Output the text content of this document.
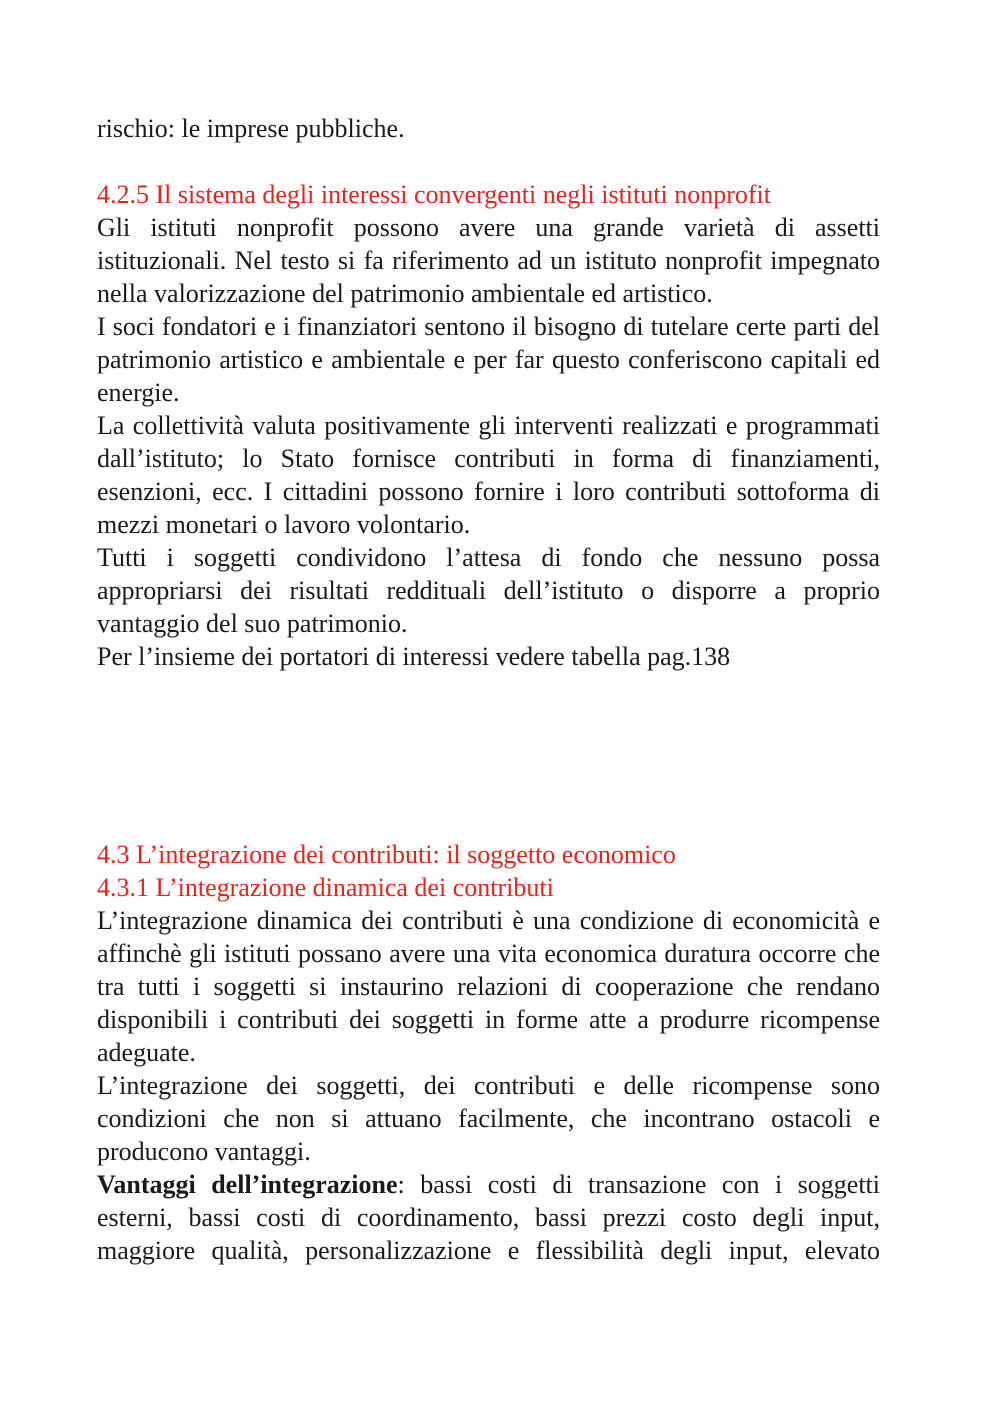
rischio: le imprese pubbliche.

4.2.5 Il sistema degli interessi convergenti negli istituti nonprofit

Gli istituti nonprofit possono avere una grande varietà di assetti istituzionali. Nel testo si fa riferimento ad un istituto nonprofit impegnato nella valorizzazione del patrimonio ambientale ed artistico.

I soci fondatori e i finanziatori sentono il bisogno di tutelare certe parti del patrimonio artistico e ambientale e per far questo conferiscono capitali ed energie.

La collettività valuta positivamente gli interventi realizzati e programmati dall’istituto; lo Stato fornisce contributi in forma di finanziamenti, esenzioni, ecc. I cittadini possono fornire i loro contributi sottoforma di mezzi monetari o lavoro volontario.

Tutti i soggetti condividono l’attesa di fondo che nessuno possa appropriarsi dei risultati reddituali dell’istituto o disporre a proprio vantaggio del suo patrimonio.

Per l’insieme dei portatori di interessi vedere tabella pag.138

4.3 L’integrazione dei contributi: il soggetto economico
4.3.1 L’integrazione dinamica dei contributi

L’integrazione dinamica dei contributi è una condizione di economicità e affinchè gli istituti possano avere una vita economica duratura occorre che tra tutti i soggetti si instaurino relazioni di cooperazione che rendano disponibili i contributi dei soggetti in forme atte a produrre ricompense adeguate.

L’integrazione dei soggetti, dei contributi e delle ricompense sono condizioni che non si attuano facilmente, che incontrano ostacoli e producono vantaggi.

Vantaggi dell’integrazione: bassi costi di transazione con i soggetti esterni, bassi costi di coordinamento, bassi prezzi costo degli input, maggiore qualità, personalizzazione e flessibilità degli input, elevato
